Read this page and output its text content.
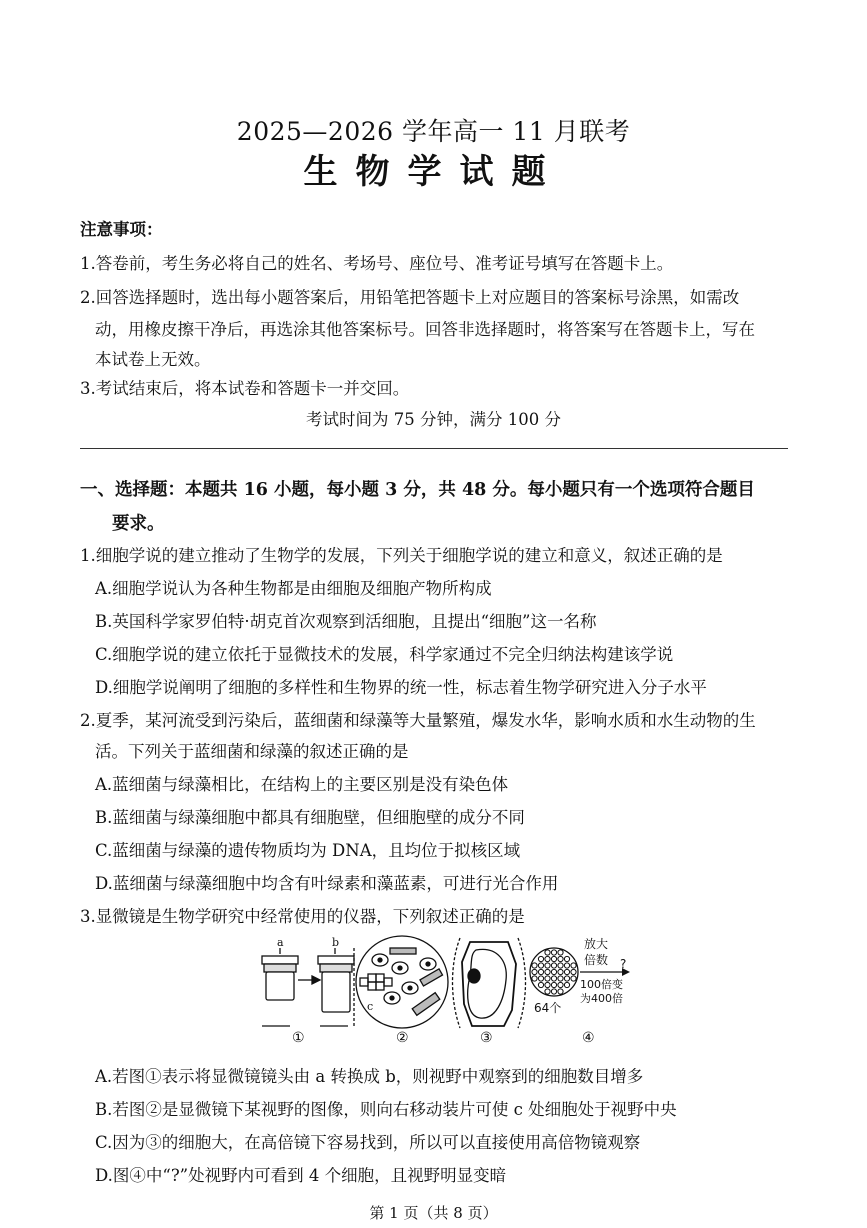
2025—2026 学年高一 11 月联考
生物学试题
注意事项：
1.答卷前，考生务必将自己的姓名、考场号、座位号、准考证号填写在答题卡上。
2.回答选择题时，选出每小题答案后，用铅笔把答题卡上对应题目的答案标号涂黑，如需改
动，用橡皮擦干净后，再选涂其他答案标号。回答非选择题时，将答案写在答题卡上，写在
本试卷上无效。
3.考试结束后，将本试卷和答题卡一并交回。
考试时间为 75 分钟，满分 100 分
一、选择题：本题共 16 小题，每小题 3 分，共 48 分。每小题只有一个选项符合题目
要求。
1.细胞学说的建立推动了生物学的发展，下列关于细胞学说的建立和意义，叙述正确的是
A.细胞学说认为各种生物都是由细胞及细胞产物所构成
B.英国科学家罗伯特·胡克首次观察到活细胞，且提出“细胞”这一名称
C.细胞学说的建立依托于显微技术的发展，科学家通过不完全归纳法构建该学说
D.细胞学说阐明了细胞的多样性和生物界的统一性，标志着生物学研究进入分子水平
2.夏季，某河流受到污染后，蓝细菌和绿藻等大量繁殖，爆发水华，影响水质和水生动物的生
活。下列关于蓝细菌和绿藻的叙述正确的是
A.蓝细菌与绿藻相比，在结构上的主要区别是没有染色体
B.蓝细菌与绿藻细胞中都具有细胞壁，但细胞壁的成分不同
C.蓝细菌与绿藻的遗传物质均为 DNA，且均位于拟核区域
D.蓝细菌与绿藻细胞中均含有叶绿素和藻蓝素，可进行光合作用
3.显微镜是生物学研究中经常使用的仪器，下列叙述正确的是
a	b
①
c
②	③
放大
倍数 ?
100倍变
为400倍
64个
④
A.若图①表示将显微镜镜头由 a 转换成 b，则视野中观察到的细胞数目增多
B.若图②是显微镜下某视野的图像，则向右移动装片可使 c 处细胞处于视野中央
C.因为③的细胞大，在高倍镜下容易找到，所以可以直接使用高倍物镜观察
D.图④中“?”处视野内可看到 4 个细胞，且视野明显变暗
第 1 页（共 8 页）
